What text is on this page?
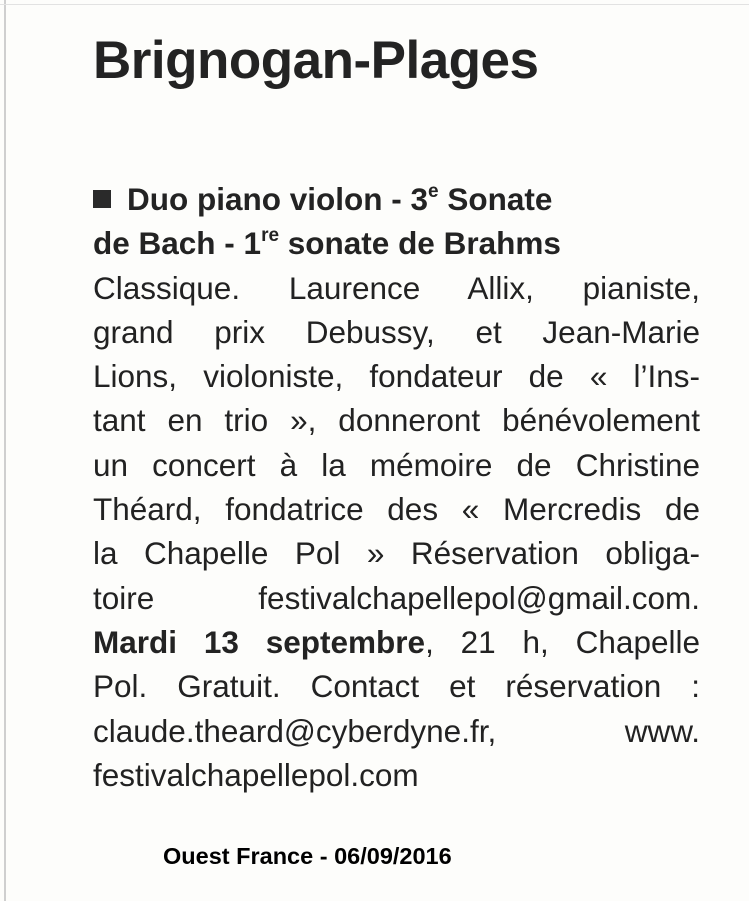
Brignogan-Plages
Duo piano violon - 3e Sonate
de Bach - 1re sonate de Brahms
Classique. Laurence Allix, pianiste,
grand prix Debussy, et Jean-Marie
Lions, violoniste, fondateur de « l’Ins-
tant en trio », donneront bénévolement
un concert à la mémoire de Christine
Théard, fondatrice des « Mercredis de
la Chapelle Pol » Réservation obliga-
toire festivalchapellepol@gmail.com.
Mardi 13 septembre, 21 h, Chapelle
Pol. Gratuit. Contact et réservation :
claude.theard@cyberdyne.fr, www.
festivalchapellepol.com

Ouest France - 06/09/2016
